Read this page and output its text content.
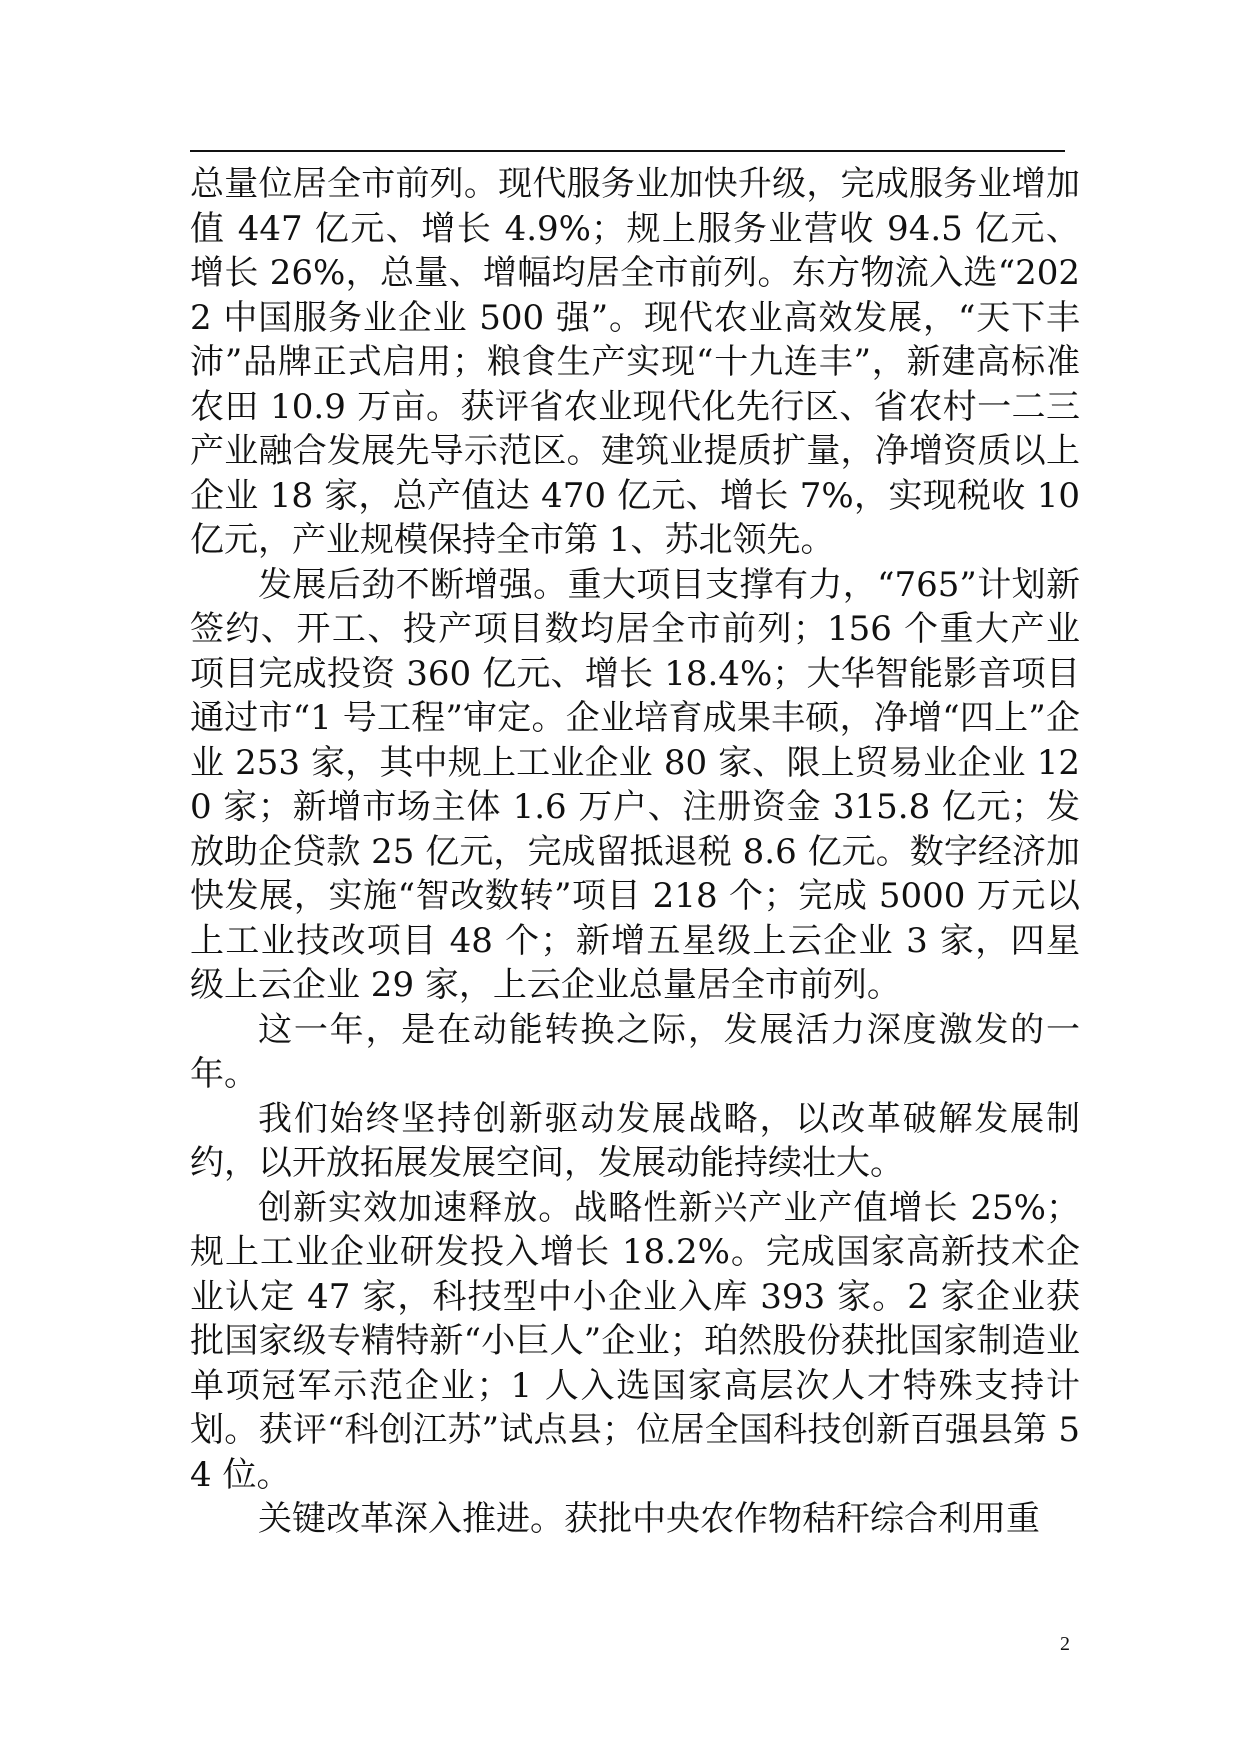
总量位居全市前列。现代服务业加快升级，完成服务业增加值 447 亿元、增长 4.9%；规上服务业营收 94.5 亿元、增长 26%，总量、增幅均居全市前列。东方物流入选“2022 中国服务业企业 500 强”。现代农业高效发展，“天下丰沛”品牌正式启用；粮食生产实现“十九连丰”，新建高标准农田 10.9 万亩。获评省农业现代化先行区、省农村一二三产业融合发展先导示范区。建筑业提质扩量，净增资质以上企业 18 家，总产值达 470 亿元、增长 7%，实现税收 10 亿元，产业规模保持全市第 1、苏北领先。

发展后劲不断增强。重大项目支撑有力，“765”计划新签约、开工、投产项目数均居全市前列；156 个重大产业项目完成投资 360 亿元、增长 18.4%；大华智能影音项目通过市“1 号工程”审定。企业培育成果丰硕，净增“四上”企业 253 家，其中规上工业企业 80 家、限上贸易业企业 120 家；新增市场主体 1.6 万户、注册资金 315.8 亿元；发放助企贷款 25 亿元，完成留抵退税 8.6 亿元。数字经济加快发展，实施“智改数转”项目 218 个；完成 5000 万元以上工业技改项目 48 个；新增五星级上云企业 3 家，四星级上云企业 29 家，上云企业总量居全市前列。

这一年，是在动能转换之际，发展活力深度激发的一年。

我们始终坚持创新驱动发展战略，以改革破解发展制约，以开放拓展发展空间，发展动能持续壮大。

创新实效加速释放。战略性新兴产业产值增长 25%；规上工业企业研发投入增长 18.2%。完成国家高新技术企业认定 47 家，科技型中小企业入库 393 家。2 家企业获批国家级专精特新“小巨人”企业；珀然股份获批国家制造业单项冠军示范企业；1 人入选国家高层次人才特殊支持计划。获评“科创江苏”试点县；位居全国科技创新百强县第 54 位。

关键改革深入推进。获批中央农作物秸秆综合利用重

2
